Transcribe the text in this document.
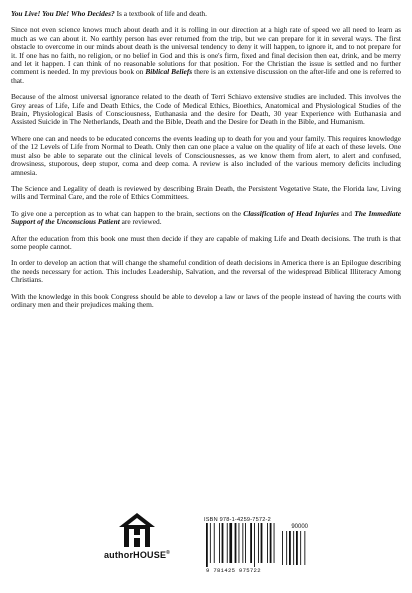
You Live! You Die! Who Decides? Is a textbook of life and death.

Since not even science knows much about death and it is rolling in our direction at a high rate of speed we all need to learn as much as we can about it. No earthly person has ever returned from the trip, but we can prepare for it in several ways. The first obstacle to overcome in our minds about death is the universal tendency to deny it will happen, to ignore it, and to not prepare for it. If one has no faith, no religion, or no belief in God and this is one's firm, fixed and final decision then eat, drink, and be merry and let it happen. I can think of no reasonable solutions for that position. For the Christian the issue is settled and no further comment is needed. In my previous book on Biblical Beliefs there is an extensive discussion on the after-life and one is referred to that.

Because of the almost universal ignorance related to the death of Terri Schiavo extensive studies are included. This involves the Grey areas of Life, Life and Death Ethics, the Code of Medical Ethics, Bioethics, Anatomical and Physiological Studies of the Brain, Physiological Basis of Consciousness, Euthanasia and the desire for Death, 30 year Experience with Euthanasia and Assisted Suicide in The Netherlands, Death and the Bible, Death and the Desire for Death in the Bible, and Humanism.

Where one can and needs to be educated concerns the events leading up to death for you and your family. This requires knowledge of the 12 Levels of Life from Normal to Death. Only then can one place a value on the quality of life at each of these levels. One must also be able to separate out the clinical levels of Consciousnesses, as we know them from alert, to alert and confused, drowsiness, stuporous, deep stupor, coma and deep coma. A review is also included of the various memory deficits including amnesia.

The Science and Legality of death is reviewed by describing Brain Death, the Persistent Vegetative State, the Florida law, Living wills and Terminal Care, and the role of Ethics Committees.

To give one a perception as to what can happen to the brain, sections on the Classification of Head Injuries and The Immediate Support of the Unconscious Patient are reviewed.

After the education from this book one must then decide if they are capable of making Life and Death decisions. The truth is that some people cannot.

In order to develop an action that will change the shameful condition of death decisions in America there is an Epilogue describing the needs necessary for action. This includes Leadership, Salvation, and the reversal of the widespread Biblical Illiteracy Among Christians.

With the knowledge in this book Congress should be able to develop a law or laws of the people instead of having the courts with ordinary men and their prejudices making them.

authorHOUSE®
ISBN 978-1-4259-7572-2
90000
9 781425 975722
